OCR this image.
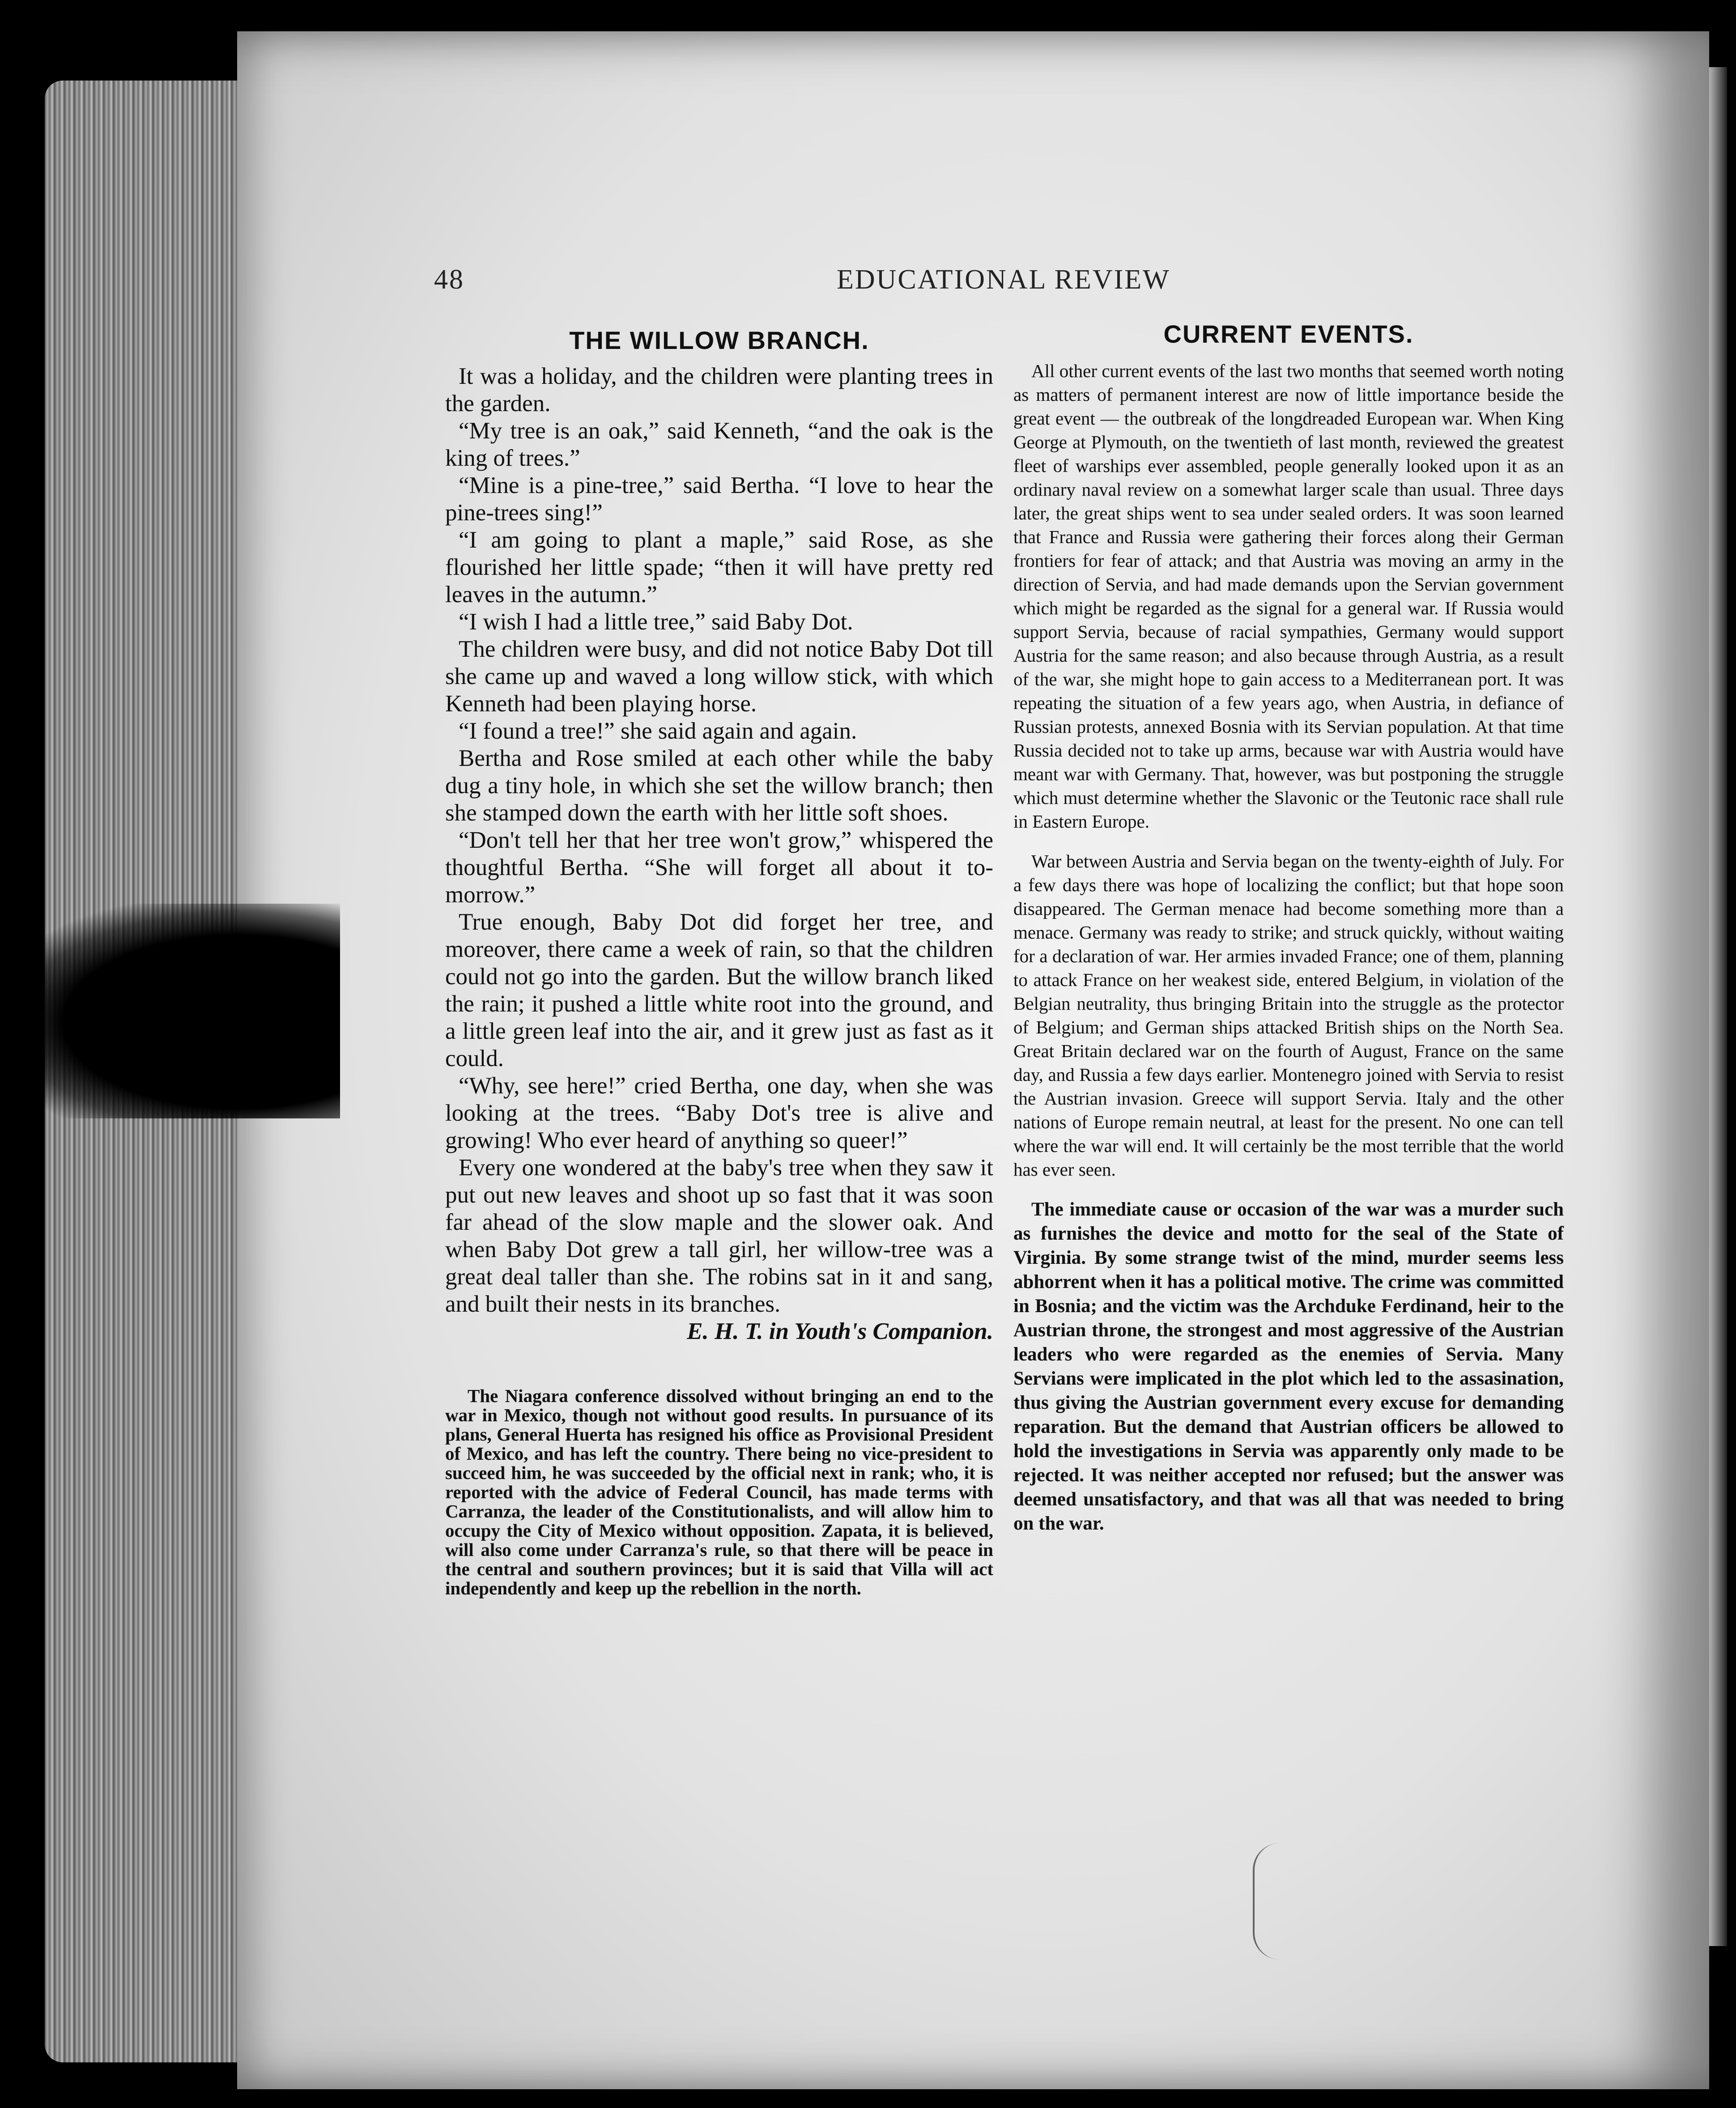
48	EDUCATIONAL REVIEW
THE WILLOW BRANCH.

It was a holiday, and the children were planting trees in the garden.

“My tree is an oak,” said Kenneth, “and the oak is the king of trees.”

“Mine is a pine-tree,” said Bertha. “I love to hear the pine-trees sing!”

“I am going to plant a maple,” said Rose, as she flourished her little spade; “then it will have pretty red leaves in the autumn.”

“I wish I had a little tree,” said Baby Dot.

The children were busy, and did not notice Baby Dot till she came up and waved a long willow stick, with which Kenneth had been playing horse.

“I found a tree!” she said again and again.

Bertha and Rose smiled at each other while the baby dug a tiny hole, in which she set the willow branch; then she stamped down the earth with her little soft shoes.

“Don't tell her that her tree won't grow,” whispered the thoughtful Bertha. “She will forget all about it to-morrow.”

True enough, Baby Dot did forget her tree, and moreover, there came a week of rain, so that the children could not go into the garden. But the willow branch liked the rain; it pushed a little white root into the ground, and a little green leaf into the air, and it grew just as fast as it could.

“Why, see here!” cried Bertha, one day, when she was looking at the trees. “Baby Dot's tree is alive and growing! Who ever heard of anything so queer!”

Every one wondered at the baby's tree when they saw it put out new leaves and shoot up so fast that it was soon far ahead of the slow maple and the slower oak. And when Baby Dot grew a tall girl, her willow-tree was a great deal taller than she. The robins sat in it and sang, and built their nests in its branches.

E. H. T. in Youth's Companion.

The Niagara conference dissolved without bringing an end to the war in Mexico, though not without good results. In pursuance of its plans, General Huerta has resigned his office as Provisional President of Mexico, and has left the country. There being no vice-president to succeed him, he was succeeded by the official next in rank; who, it is reported with the advice of Federal Council, has made terms with Carranza, the leader of the Constitutionalists, and will allow him to occupy the City of Mexico without opposition. Zapata, it is believed, will also come under Carranza's rule, so that there will be peace in the central and southern provinces; but it is said that Villa will act independently and keep up the rebellion in the north.

CURRENT EVENTS.

All other current events of the last two months that seemed worth noting as matters of permanent interest are now of little importance beside the great event — the outbreak of the longdreaded European war. When King George at Plymouth, on the twentieth of last month, reviewed the greatest fleet of warships ever assembled, people generally looked upon it as an ordinary naval review on a somewhat larger scale than usual. Three days later, the great ships went to sea under sealed orders. It was soon learned that France and Russia were gathering their forces along their German frontiers for fear of attack; and that Austria was moving an army in the direction of Servia, and had made demands upon the Servian government which might be regarded as the signal for a general war. If Russia would support Servia, because of racial sympathies, Germany would support Austria for the same reason; and also because through Austria, as a result of the war, she might hope to gain access to a Mediterranean port. It was repeating the situation of a few years ago, when Austria, in defiance of Russian protests, annexed Bosnia with its Servian population. At that time Russia decided not to take up arms, because war with Austria would have meant war with Germany. That, however, was but postponing the struggle which must determine whether the Slavonic or the Teutonic race shall rule in Eastern Europe.

War between Austria and Servia began on the twenty-eighth of July. For a few days there was hope of localizing the conflict; but that hope soon disappeared. The German menace had become something more than a menace. Germany was ready to strike; and struck quickly, without waiting for a declaration of war. Her armies invaded France; one of them, planning to attack France on her weakest side, entered Belgium, in violation of the Belgian neutrality, thus bringing Britain into the struggle as the protector of Belgium; and German ships attacked British ships on the North Sea. Great Britain declared war on the fourth of August, France on the same day, and Russia a few days earlier. Montenegro joined with Servia to resist the Austrian invasion. Greece will support Servia. Italy and the other nations of Europe remain neutral, at least for the present. No one can tell where the war will end. It will certainly be the most terrible that the world has ever seen.

The immediate cause or occasion of the war was a murder such as furnishes the device and motto for the seal of the State of Virginia. By some strange twist of the mind, murder seems less abhorrent when it has a political motive. The crime was committed in Bosnia; and the victim was the Archduke Ferdinand, heir to the Austrian throne, the strongest and most aggressive of the Austrian leaders who were regarded as the enemies of Servia. Many Servians were implicated in the plot which led to the assasination, thus giving the Austrian government every excuse for demanding reparation. But the demand that Austrian officers be allowed to hold the investigations in Servia was apparently only made to be rejected. It was neither accepted nor refused; but the answer was deemed unsatisfactory, and that was all that was needed to bring on the war.
